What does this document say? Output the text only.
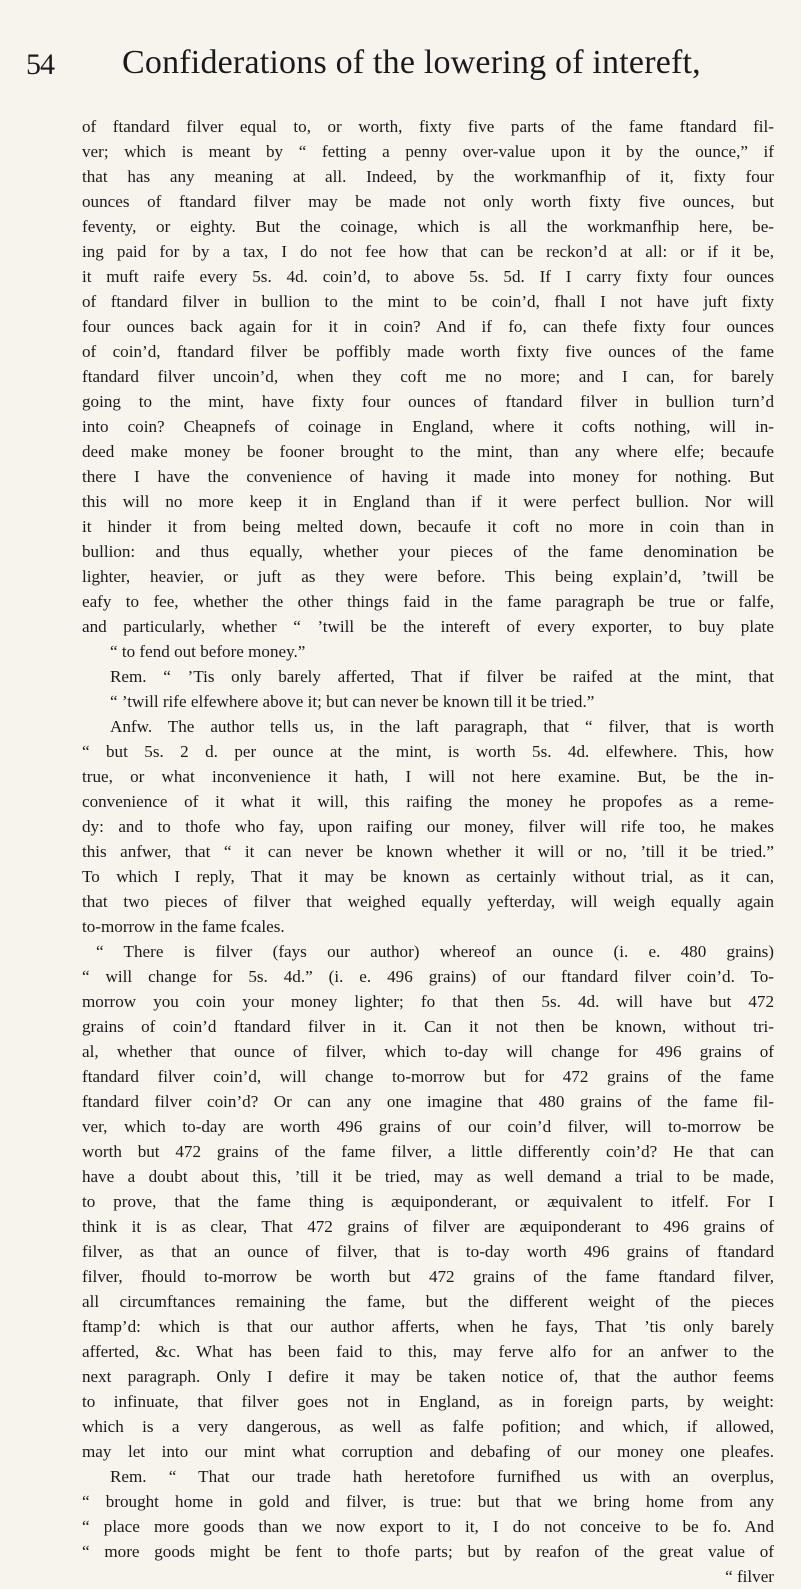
54 Confiderations of the lowering of intereft,
of ftandard filver equal to, or worth, fixty five parts of the fame ftandard fil-
ver; which is meant by “ fetting a penny over-value upon it by the ounce,” if
that has any meaning at all. Indeed, by the workmanfhip of it, fixty four
ounces of ftandard filver may be made not only worth fixty five ounces, but
feventy, or eighty. But the coinage, which is all the workmanfhip here, be-
ing paid for by a tax, I do not fee how that can be reckon’d at all: or if it be,
it muft raife every 5s. 4d. coin’d, to above 5s. 5d. If I carry fixty four ounces
of ftandard filver in bullion to the mint to be coin’d, fhall I not have juft fixty
four ounces back again for it in coin? And if fo, can thefe fixty four ounces
of coin’d, ftandard filver be poffibly made worth fixty five ounces of the fame
ftandard filver uncoin’d, when they coft me no more; and I can, for barely
going to the mint, have fixty four ounces of ftandard filver in bullion turn’d
into coin? Cheapnefs of coinage in England, where it cofts nothing, will in-
deed make money be fooner brought to the mint, than any where elfe; becaufe
there I have the convenience of having it made into money for nothing. But
this will no more keep it in England than if it were perfect bullion. Nor will
it hinder it from being melted down, becaufe it coft no more in coin than in
bullion: and thus equally, whether your pieces of the fame denomination be
lighter, heavier, or juft as they were before. This being explain’d, ’twill be
eafy to fee, whether the other things faid in the fame paragraph be true or falfe,
and particularly, whether “ ’twill be the intereft of every exporter, to buy plate
“ to fend out before money.”
Rem. “ ’Tis only barely afferted, That if filver be raifed at the mint, that
“ ’twill rife elfewhere above it; but can never be known till it be tried.”
Anfw. The author tells us, in the laft paragraph, that “ filver, that is worth
“ but 5s. 2 d. per ounce at the mint, is worth 5s. 4d. elfewhere. This, how
true, or what inconvenience it hath, I will not here examine. But, be the in-
convenience of it what it will, this raifing the money he propofes as a reme-
dy: and to thofe who fay, upon raifing our money, filver will rife too, he makes
this anfwer, that “ it can never be known whether it will or no, ’till it be tried.”
To which I reply, That it may be known as certainly without trial, as it can,
that two pieces of filver that weighed equally yefterday, will weigh equally again
to-morrow in the fame fcales.
“ There is filver (fays our author) whereof an ounce (i. e. 480 grains)
“ will change for 5s. 4d.” (i. e. 496 grains) of our ftandard filver coin’d. To-
morrow you coin your money lighter; fo that then 5s. 4d. will have but 472
grains of coin’d ftandard filver in it. Can it not then be known, without tri-
al, whether that ounce of filver, which to-day will change for 496 grains of
ftandard filver coin’d, will change to-morrow but for 472 grains of the fame
ftandard filver coin’d? Or can any one imagine that 480 grains of the fame fil-
ver, which to-day are worth 496 grains of our coin’d filver, will to-morrow be
worth but 472 grains of the fame filver, a little differently coin’d? He that can
have a doubt about this, ’till it be tried, may as well demand a trial to be made,
to prove, that the fame thing is æquiponderant, or æquivalent to itfelf. For I
think it is as clear, That 472 grains of filver are æquiponderant to 496 grains of
filver, as that an ounce of filver, that is to-day worth 496 grains of ftandard
filver, fhould to-morrow be worth but 472 grains of the fame ftandard filver,
all circumftances remaining the fame, but the different weight of the pieces
ftamp’d: which is that our author afferts, when he fays, That ’tis only barely
afferted, &c. What has been faid to this, may ferve alfo for an anfwer to the
next paragraph. Only I defire it may be taken notice of, that the author feems
to infinuate, that filver goes not in England, as in foreign parts, by weight:
which is a very dangerous, as well as falfe pofition; and which, if allowed,
may let into our mint what corruption and debafing of our money one pleafes.
Rem. “ That our trade hath heretofore furnifhed us with an overplus,
“ brought home in gold and filver, is true: but that we bring home from any
“ place more goods than we now export to it, I do not conceive to be fo. And
“ more goods might be fent to thofe parts; but by reafon of the great value of
“ filver
